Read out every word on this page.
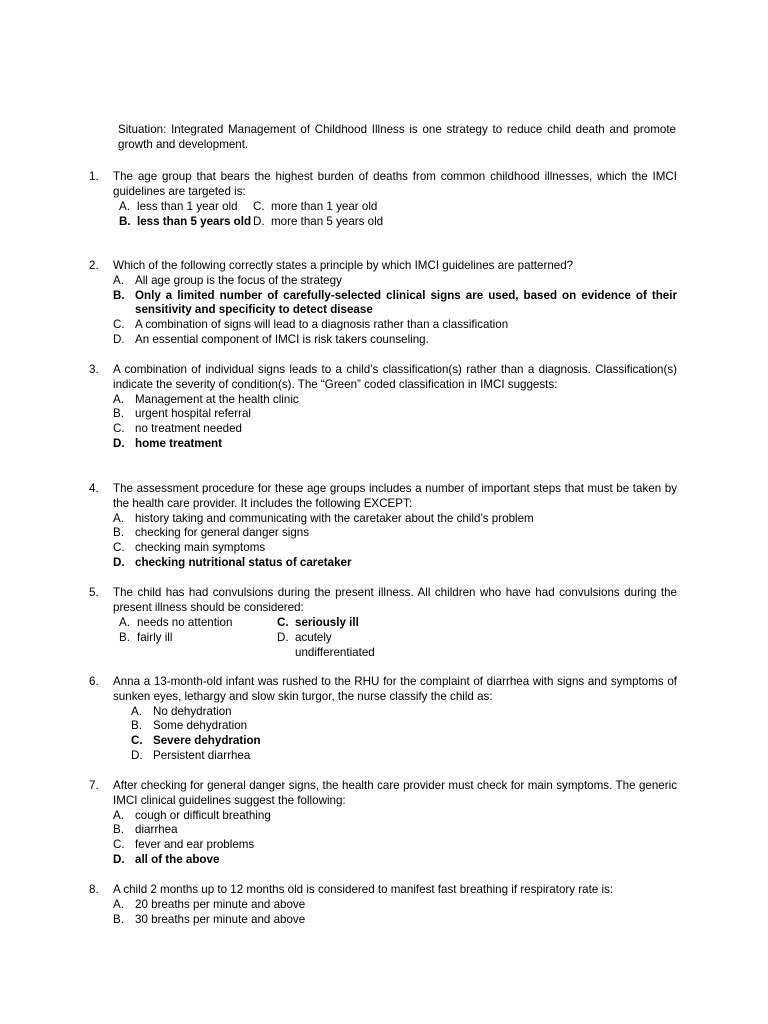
Situation: Integrated Management of Childhood Illness is one strategy to reduce child death and promote growth and development.
1.	The age group that bears the highest burden of deaths from common childhood illnesses, which the IMCI guidelines are targeted is:
A. less than 1 year old C. more than 1 year old
B. less than 5 years old D. more than 5 years old
2.	Which of the following correctly states a principle by which IMCI guidelines are patterned?
A. All age group is the focus of the strategy
B. Only a limited number of carefully-selected clinical signs are used, based on evidence of their sensitivity and specificity to detect disease
C. A combination of signs will lead to a diagnosis rather than a classification
D. An essential component of IMCI is risk takers counseling.
3.	A combination of individual signs leads to a child’s classification(s) rather than a diagnosis. Classification(s) indicate the severity of condition(s). The “Green” coded classification in IMCI suggests:
A. Management at the health clinic
B. urgent hospital referral
C. no treatment needed
D. home treatment
4.	The assessment procedure for these age groups includes a number of important steps that must be taken by the health care provider. It includes the following EXCEPT:
A. history taking and communicating with the caretaker about the child’s problem
B. checking for general danger signs
C. checking main symptoms
D. checking nutritional status of caretaker
5.	The child has had convulsions during the present illness. All children who have had convulsions during the present illness should be considered:
A. needs no attention	C. seriously ill
B. fairly ill	D. acutely
undifferentiated
6.	Anna a 13-month-old infant was rushed to the RHU for the complaint of diarrhea with signs and symptoms of sunken eyes, lethargy and slow skin turgor, the nurse classify the child as:
A. No dehydration
B. Some dehydration
C. Severe dehydration
D. Persistent diarrhea
7.	After checking for general danger signs, the health care provider must check for main symptoms. The generic IMCI clinical guidelines suggest the following:
A. cough or difficult breathing
B. diarrhea
C. fever and ear problems
D. all of the above
8.	A child 2 months up to 12 months old is considered to manifest fast breathing if respiratory rate is:
A. 20 breaths per minute and above
B. 30 breaths per minute and above
